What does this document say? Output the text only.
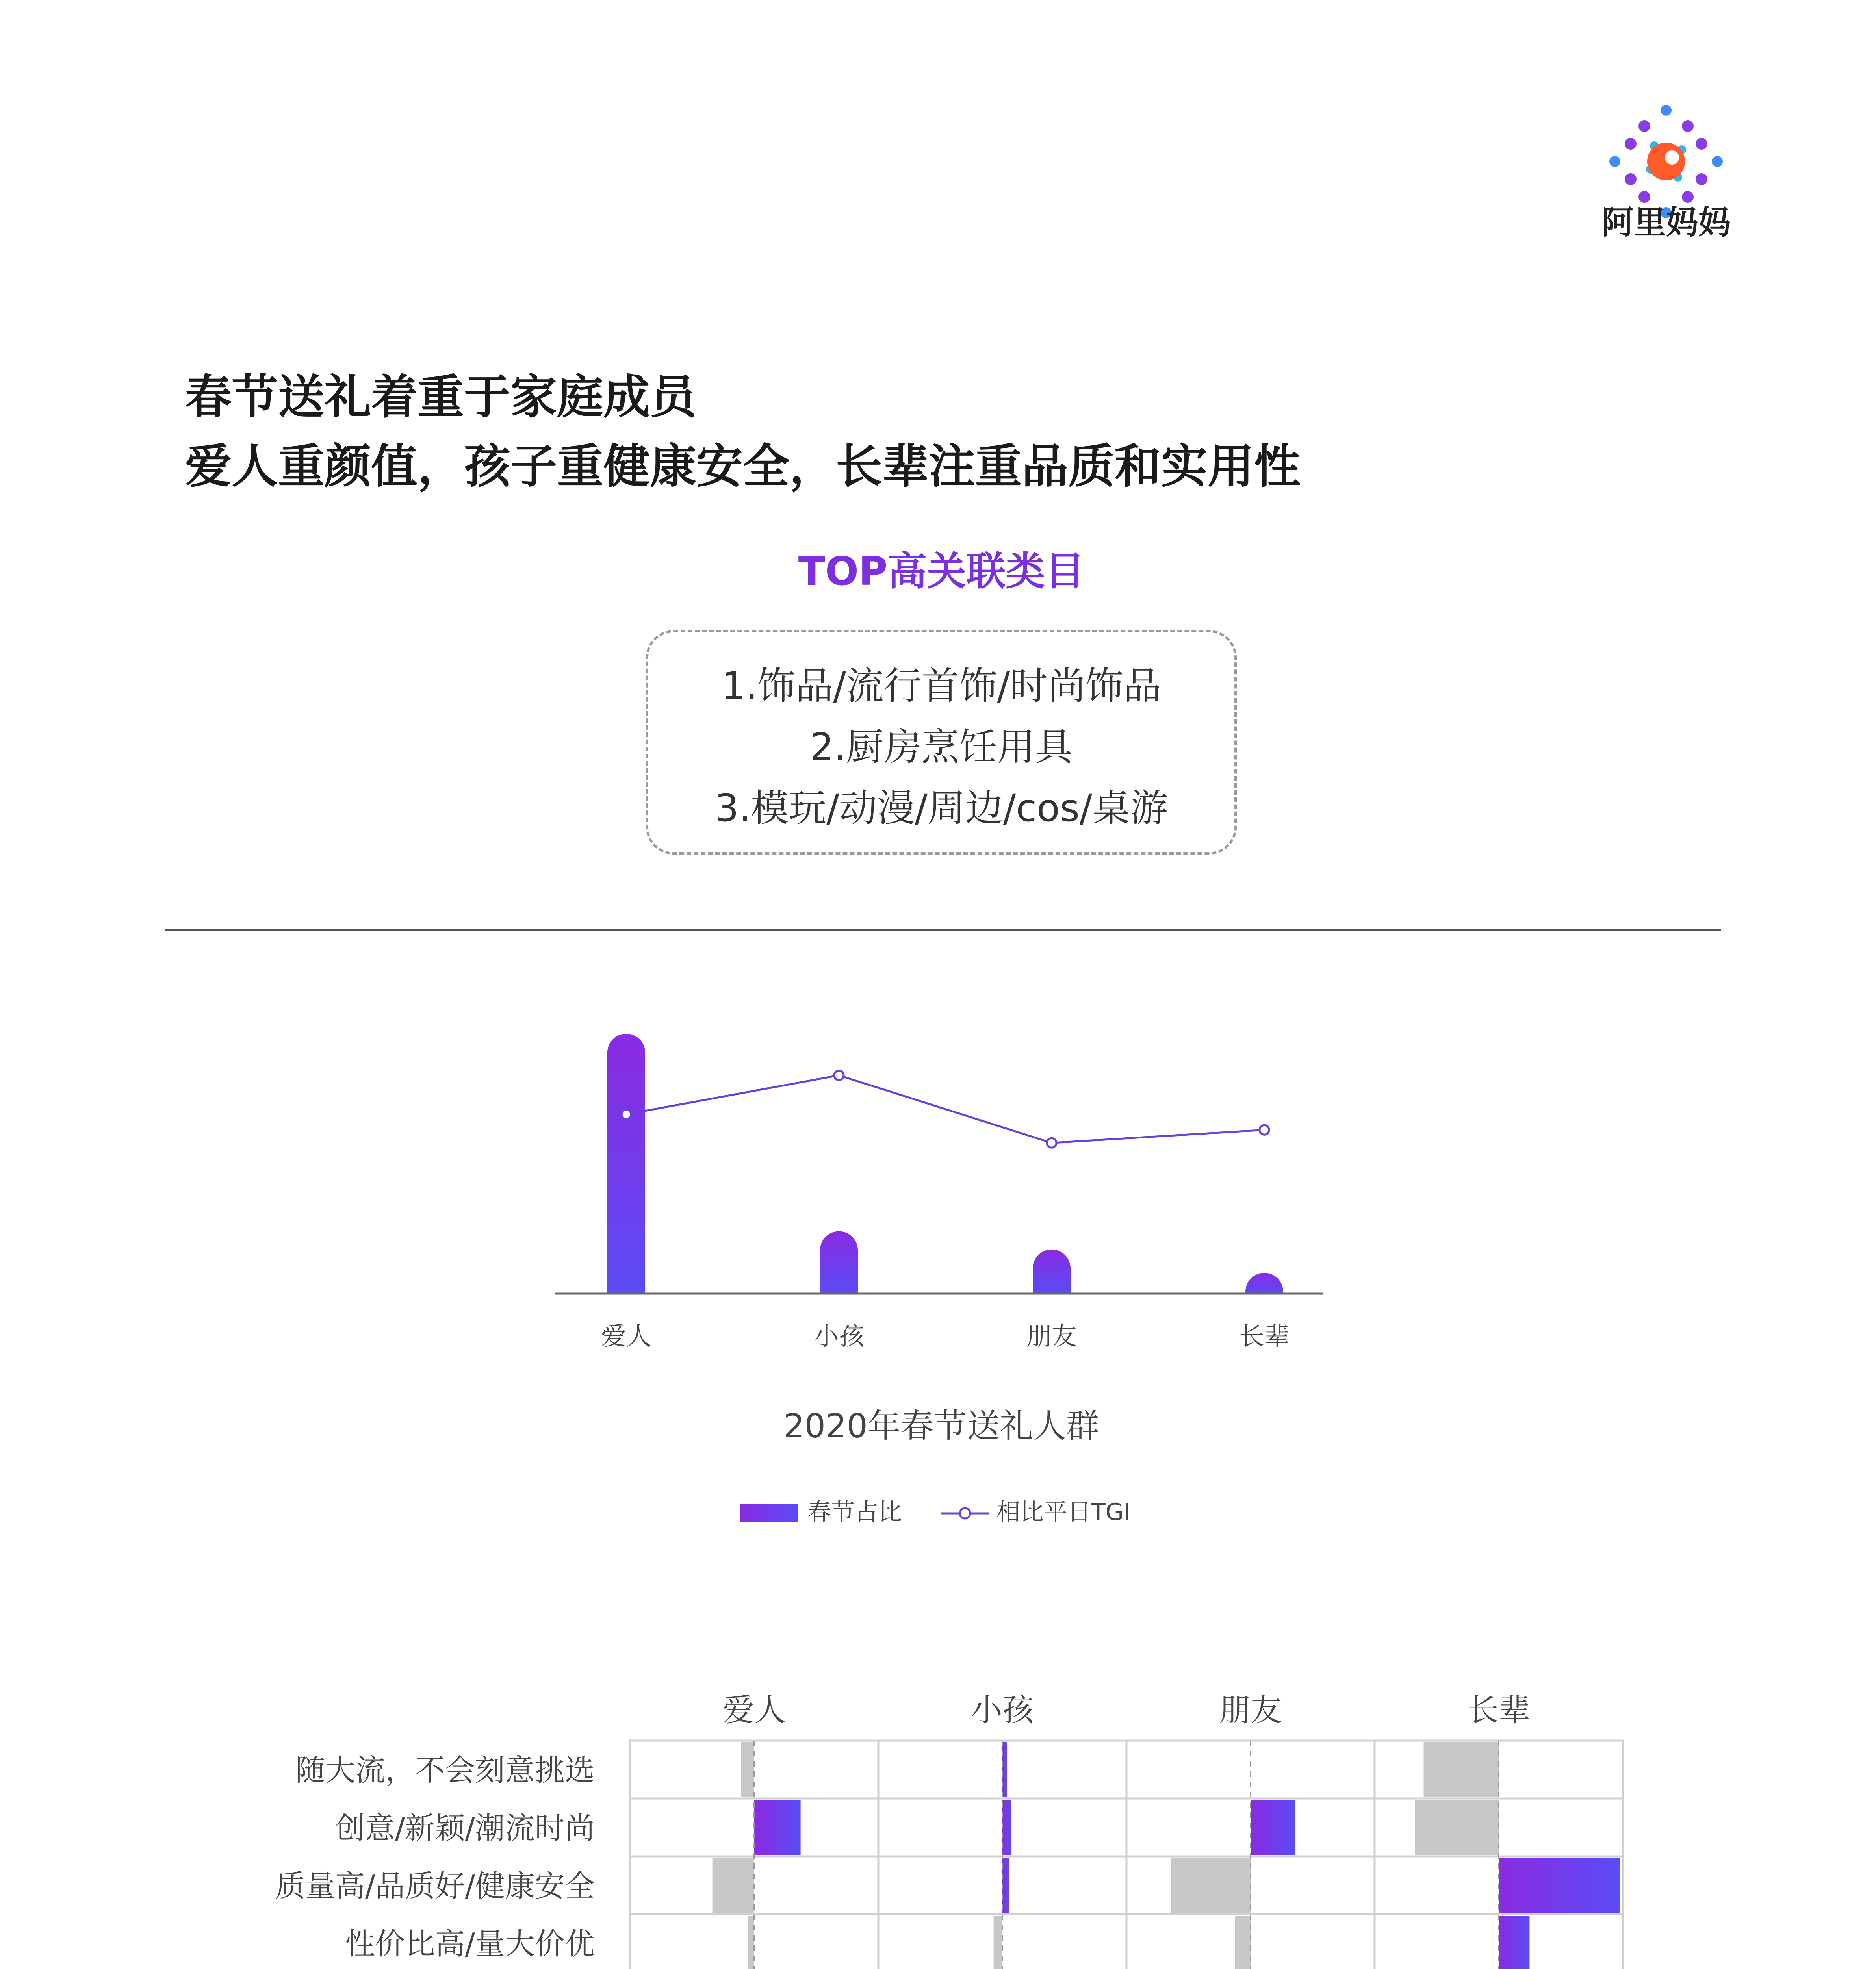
阿里妈妈
春节送礼着重于家庭成员
爱人重颜值，孩子重健康安全，长辈注重品质和实用性
TOP高关联类目
1.饰品/流行首饰/时尚饰品
2.厨房烹饪用具
3.模玩/动漫/周边/cos/桌游
爱人	小孩	朋友	长辈
2020年春节送礼人群
春节占比	相比平日TGI
爱人	小孩	朋友	长辈
随大流，不会刻意挑选
创意/新颖/潮流时尚
质量高/品质好/健康安全
性价比高/量大价优
